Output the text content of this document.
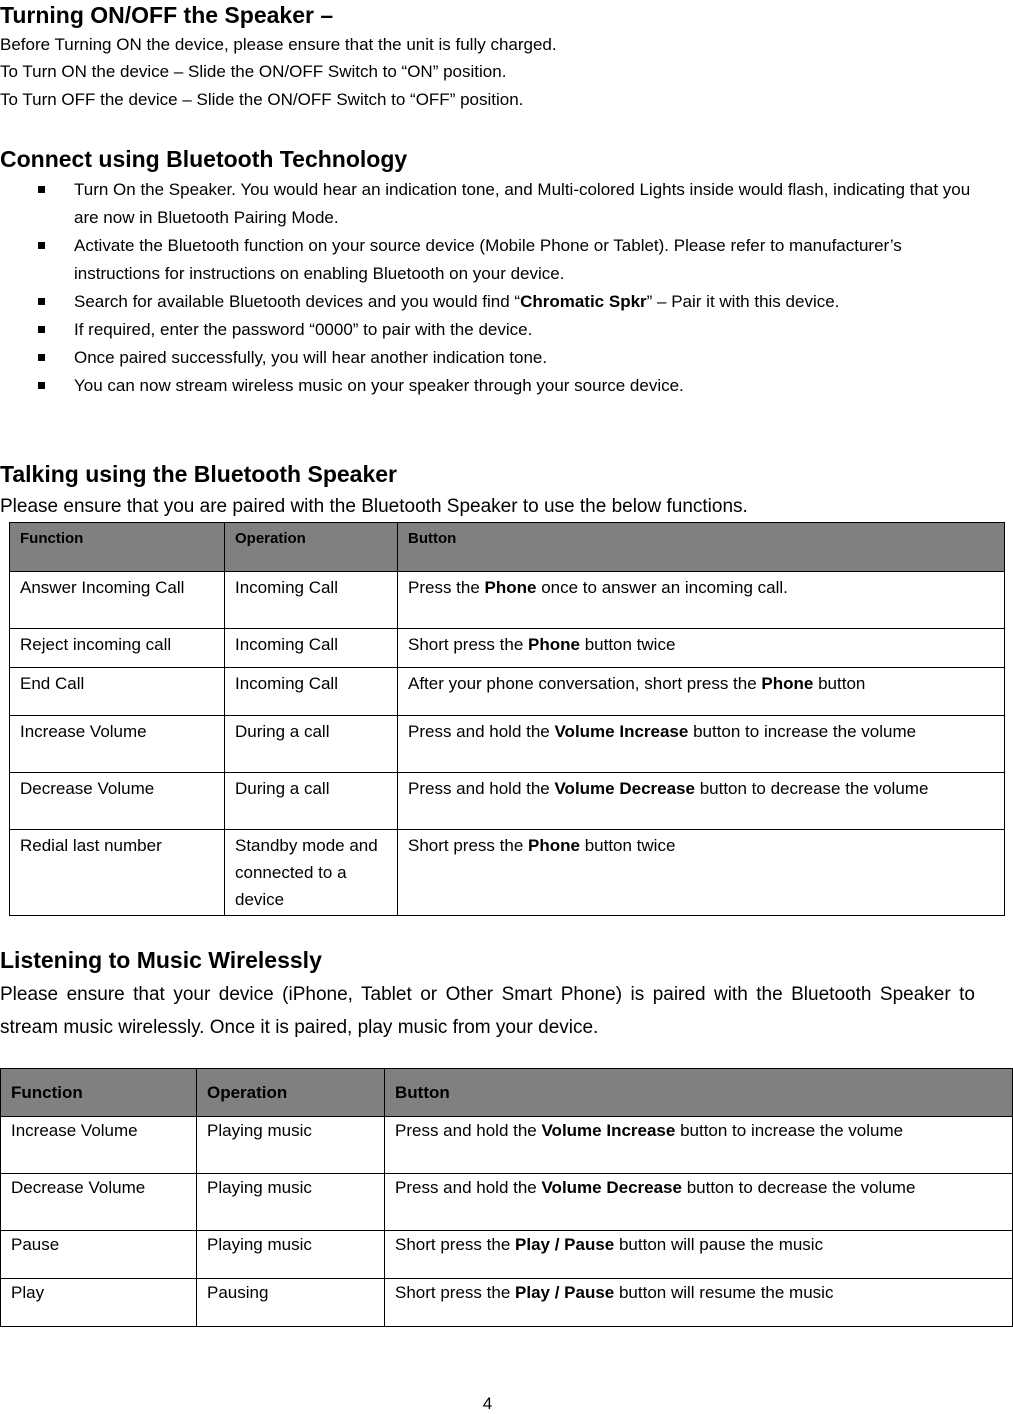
Turning ON/OFF the Speaker –
Before Turning ON the device, please ensure that the unit is fully charged.
To Turn ON the device – Slide the ON/OFF Switch to “ON” position.
To Turn OFF the device – Slide the ON/OFF Switch to “OFF” position.
Connect using Bluetooth Technology
Turn On the Speaker. You would hear an indication tone, and Multi-colored Lights inside would flash, indicating that you are now in Bluetooth Pairing Mode.
Activate the Bluetooth function on your source device (Mobile Phone or Tablet). Please refer to manufacturer’s instructions for instructions on enabling Bluetooth on your device.
Search for available Bluetooth devices and you would find “Chromatic Spkr” – Pair it with this device.
If required, enter the password “0000” to pair with the device.
Once paired successfully, you will hear another indication tone.
You can now stream wireless music on your speaker through your source device.
Talking using the Bluetooth Speaker
Please ensure that you are paired with the Bluetooth Speaker to use the below functions.
Function	Operation	Button
Answer Incoming Call	Incoming Call	Press the Phone once to answer an incoming call.
Reject incoming call	Incoming Call	Short press the Phone button twice
End Call	Incoming Call	After your phone conversation, short press the Phone button
Increase Volume	During a call	Press and hold the Volume Increase button to increase the volume
Decrease Volume	During a call	Press and hold the Volume Decrease button to decrease the volume
Redial last number	Standby mode and connected to a device	Short press the Phone button twice
Listening to Music Wirelessly
Please ensure that your device (iPhone, Tablet or Other Smart Phone) is paired with the Bluetooth Speaker to stream music wirelessly. Once it is paired, play music from your device.
Function	Operation	Button
Increase Volume	Playing music	Press and hold the Volume Increase button to increase the volume
Decrease Volume	Playing music	Press and hold the Volume Decrease button to decrease the volume
Pause	Playing music	Short press the Play / Pause button will pause the music
Play	Pausing	Short press the Play / Pause button will resume the music
4
